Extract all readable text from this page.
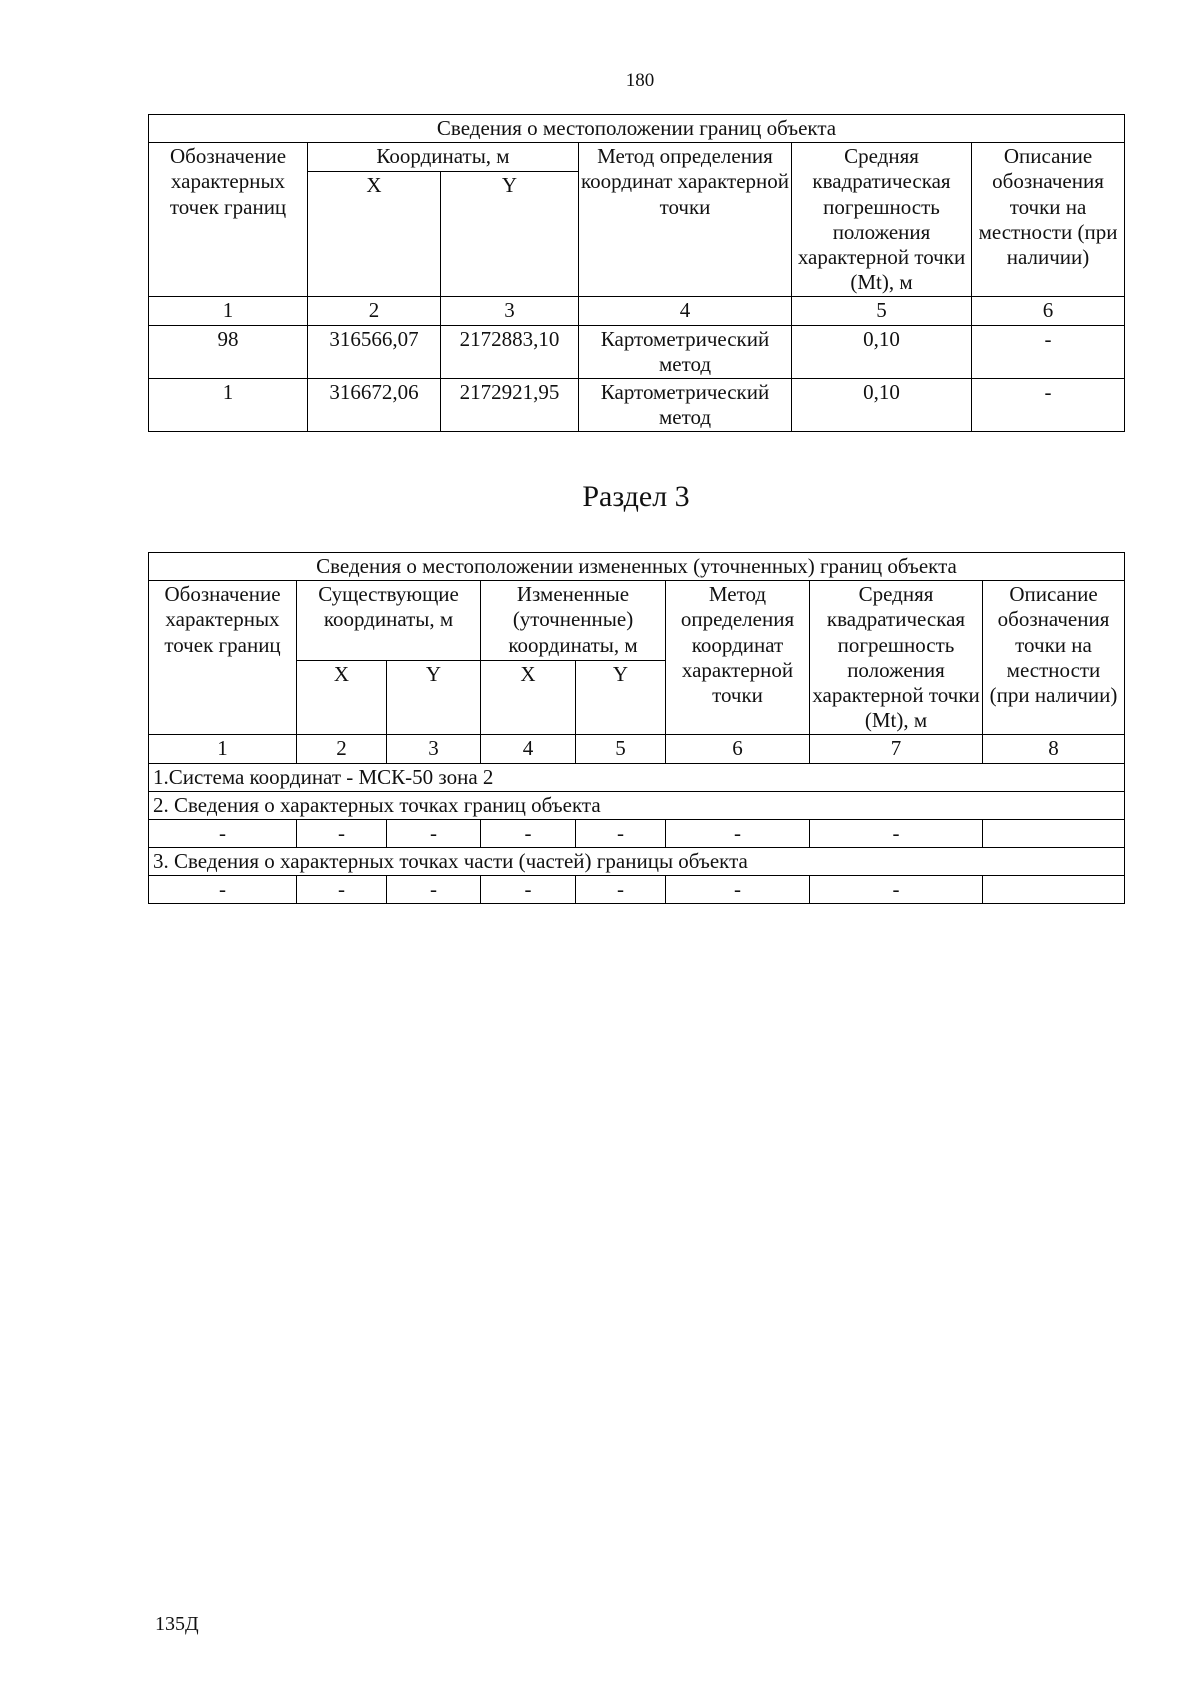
180
Сведения о местоположении границ объекта					
Обозначение характерных точек границ	Координаты, м		Метод определения координат характерной точки	Средняя квадратическая погрешность положения характерной точки (Mt), м	Описание обозначения точки на местности (при наличии)
	X	Y			
1	2	3	4	5	6
98	316566,07	2172883,10	Картометрический метод	0,10	-
1	316672,06	2172921,95	Картометрический метод	0,10	-
Раздел 3
Сведения о местоположении измененных (уточненных) границ объекта							
Обозначение характерных точек границ	Существующие координаты, м		Измененные (уточненные) координаты, м		Метод определения координат характерной точки	Средняя квадратическая погрешность положения характерной точки (Mt), м	Описание обозначения точки на местности (при наличии)
	X	Y	X	Y			
1	2	3	4	5	6	7	8
1.Система координат - МСК-50 зона 2							
2. Сведения о характерных точках границ объекта							
-	-	-	-	-	-	-	
3. Сведения о характерных точках части (частей) границы объекта							
-	-	-	-	-	-	-	
135Д
